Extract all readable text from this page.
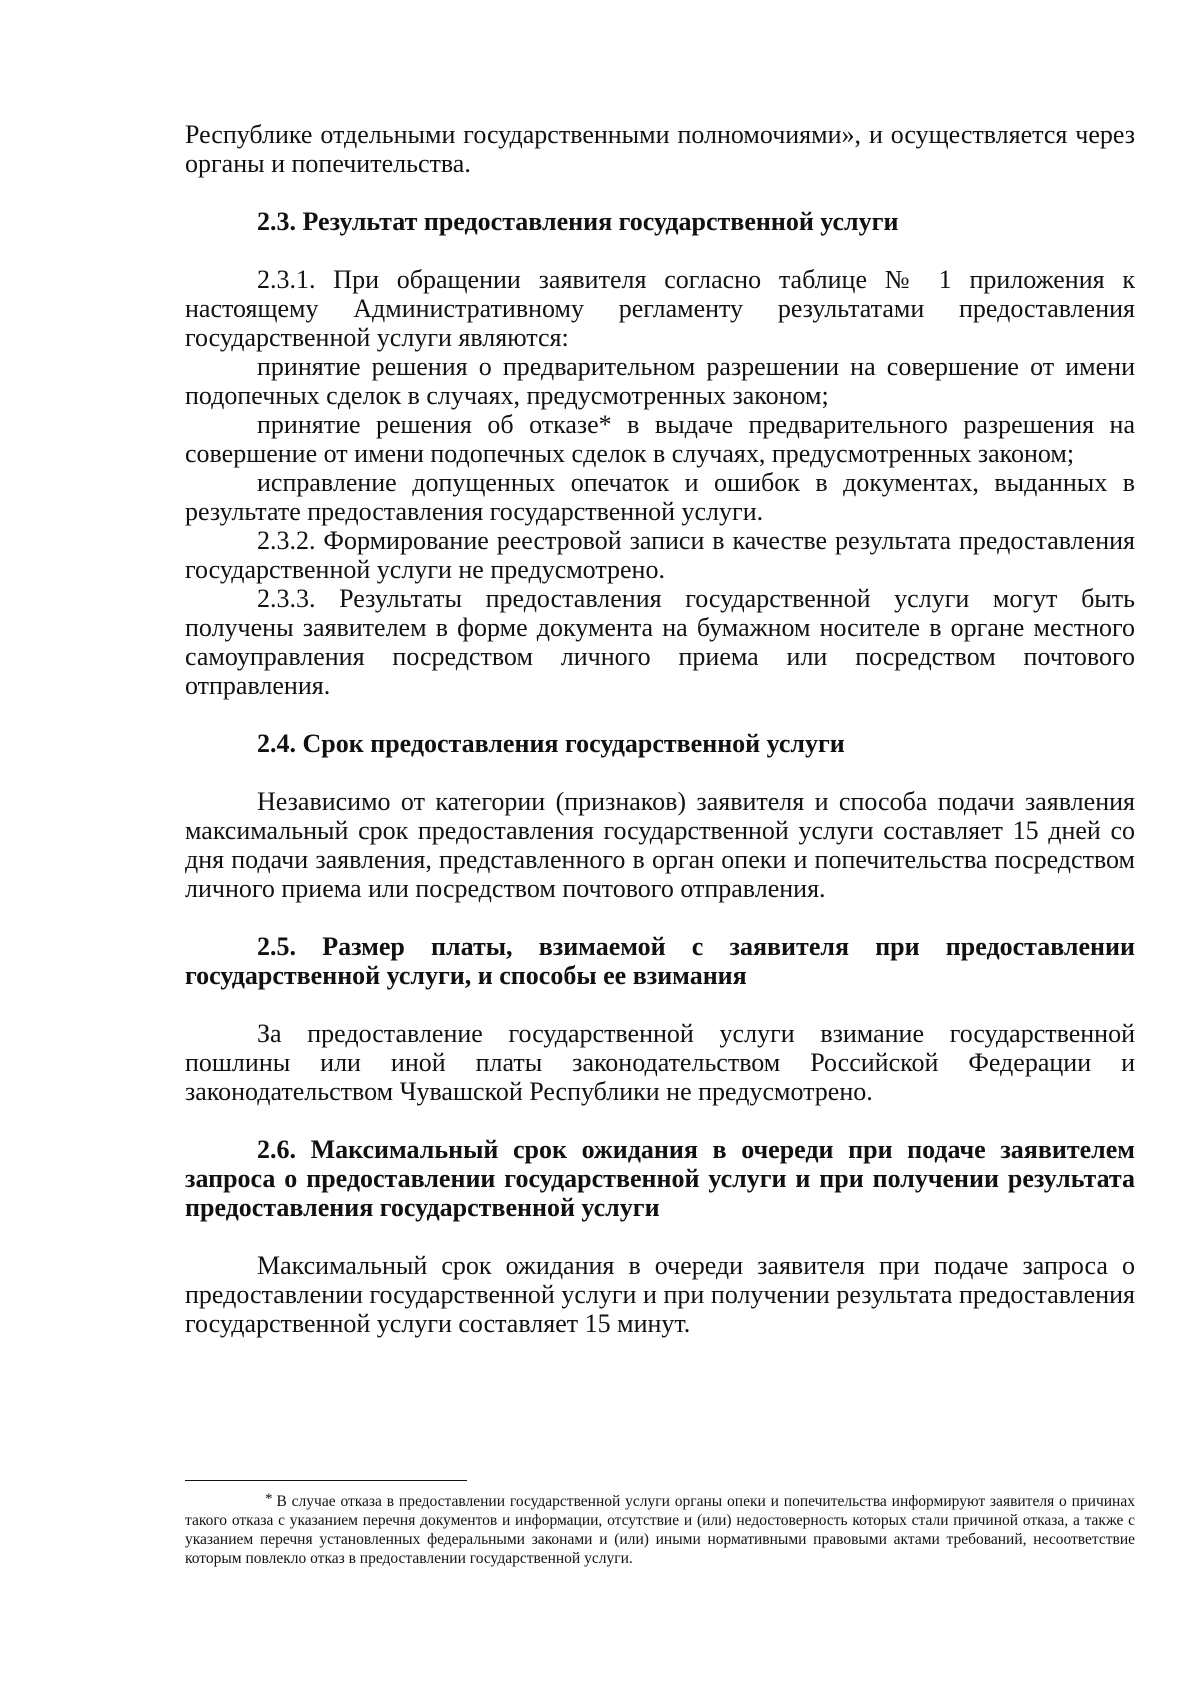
Республике отдельными государственными полномочиями», и осуществляется через органы и попечительства.

2.3. Результат предоставления государственной услуги

2.3.1. При обращении заявителя согласно таблице № 1 приложения к настоящему Административному регламенту результатами предоставления государственной услуги являются:

принятие решения о предварительном разрешении на совершение от имени подопечных сделок в случаях, предусмотренных законом;

принятие решения об отказе* в выдаче предварительного разрешения на совершение от имени подопечных сделок в случаях, предусмотренных законом;

исправление допущенных опечаток и ошибок в документах, выданных в результате предоставления государственной услуги.

2.3.2. Формирование реестровой записи в качестве результата предоставления государственной услуги не предусмотрено.

2.3.3. Результаты предоставления государственной услуги могут быть получены заявителем в форме документа на бумажном носителе в органе местного самоуправления посредством личного приема или посредством почтового отправления.

2.4. Срок предоставления государственной услуги

Независимо от категории (признаков) заявителя и способа подачи заявления максимальный срок предоставления государственной услуги составляет 15 дней со дня подачи заявления, представленного в орган опеки и попечительства посредством личного приема или посредством почтового отправления.

2.5. Размер платы, взимаемой с заявителя при предоставлении государственной услуги, и способы ее взимания

За предоставление государственной услуги взимание государственной пошлины или иной платы законодательством Российской Федерации и законодательством Чувашской Республики не предусмотрено.

2.6. Максимальный срок ожидания в очереди при подаче заявителем запроса о предоставлении государственной услуги и при получении результата предоставления государственной услуги

Максимальный срок ожидания в очереди заявителя при подаче запроса о предоставлении государственной услуги и при получении результата предоставления государственной услуги составляет 15 минут.

* В случае отказа в предоставлении государственной услуги органы опеки и попечительства информируют заявителя о причинах такого отказа с указанием перечня документов и информации, отсутствие и (или) недостоверность которых стали причиной отказа, а также с указанием перечня установленных федеральными законами и (или) иными нормативными правовыми актами требований, несоответствие которым повлекло отказ в предоставлении государственной услуги.
